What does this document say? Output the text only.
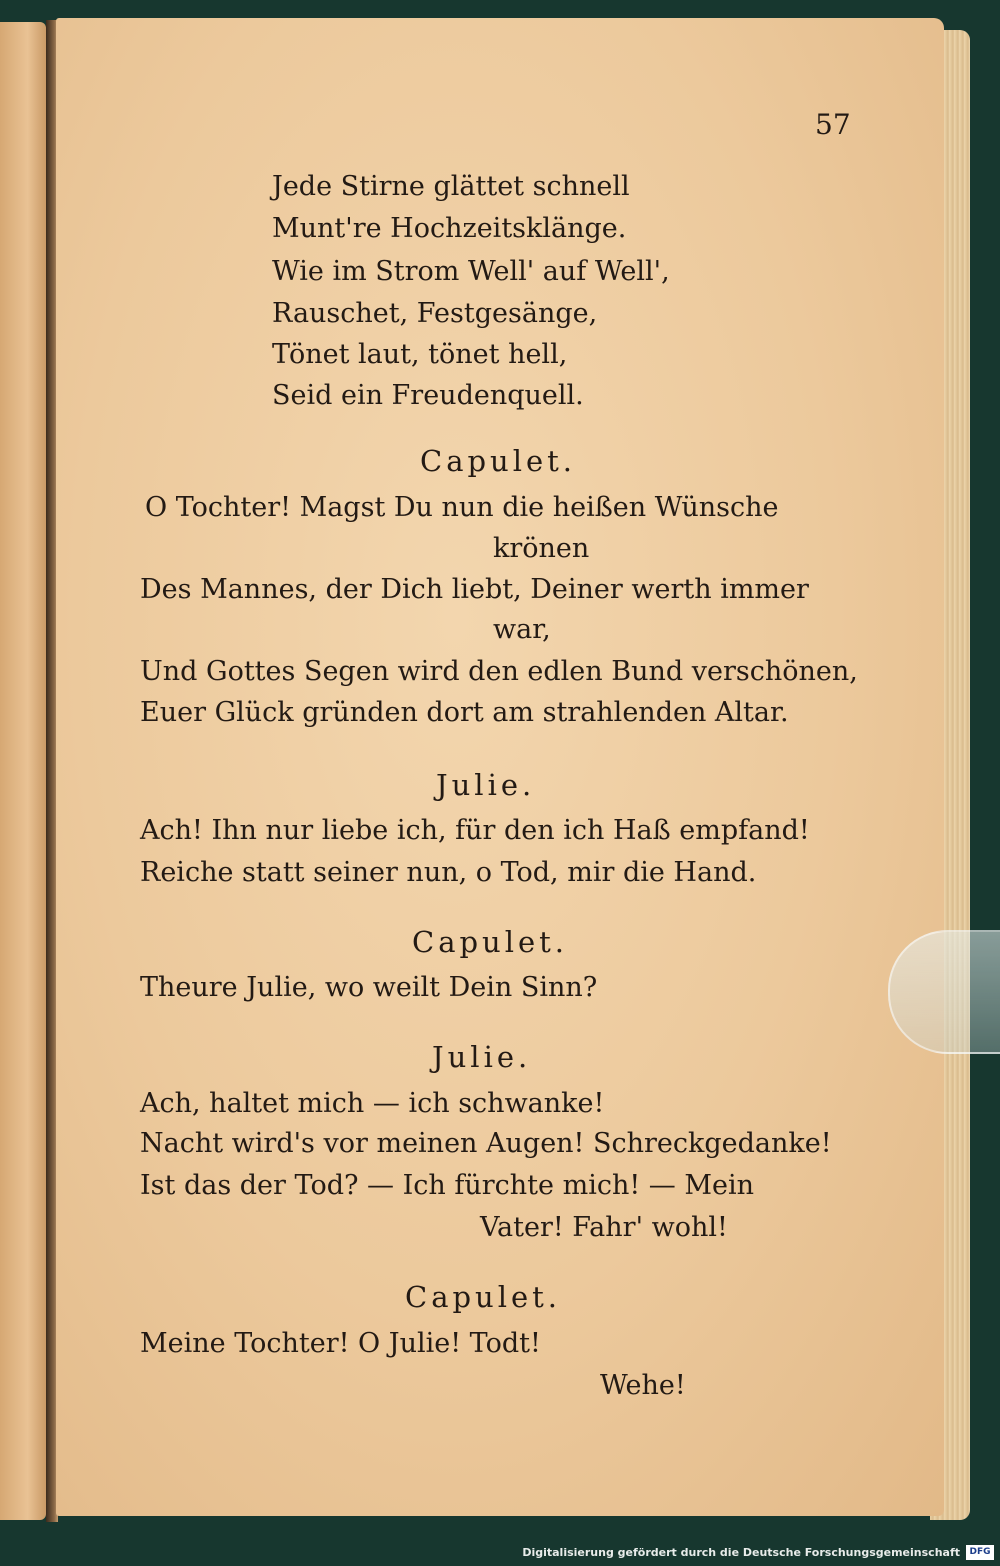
57
Jede Stirne glättet schnell
Munt're Hochzeitsklänge.
Wie im Strom Well' auf Well',
Rauschet, Festgesänge,
Tönet laut, tönet hell,
Seid ein Freudenquell.
Capulet.
O Tochter! Magst Du nun die heißen Wünsche
krönen
Des Mannes, der Dich liebt, Deiner werth immer
war,
Und Gottes Segen wird den edlen Bund verschönen,
Euer Glück gründen dort am strahlenden Altar.
Julie.
Ach! Ihn nur liebe ich, für den ich Haß empfand!
Reiche statt seiner nun, o Tod, mir die Hand.
Capulet.
Theure Julie, wo weilt Dein Sinn?
Julie.
Ach, haltet mich — ich schwanke!
Nacht wird's vor meinen Augen! Schreckgedanke!
Ist das der Tod? — Ich fürchte mich! — Mein
Vater! Fahr' wohl!
Capulet.
Meine Tochter! O Julie! Todt!
Wehe!
Digitalisierung gefördert durch die Deutsche Forschungsgemeinschaft	DFG
